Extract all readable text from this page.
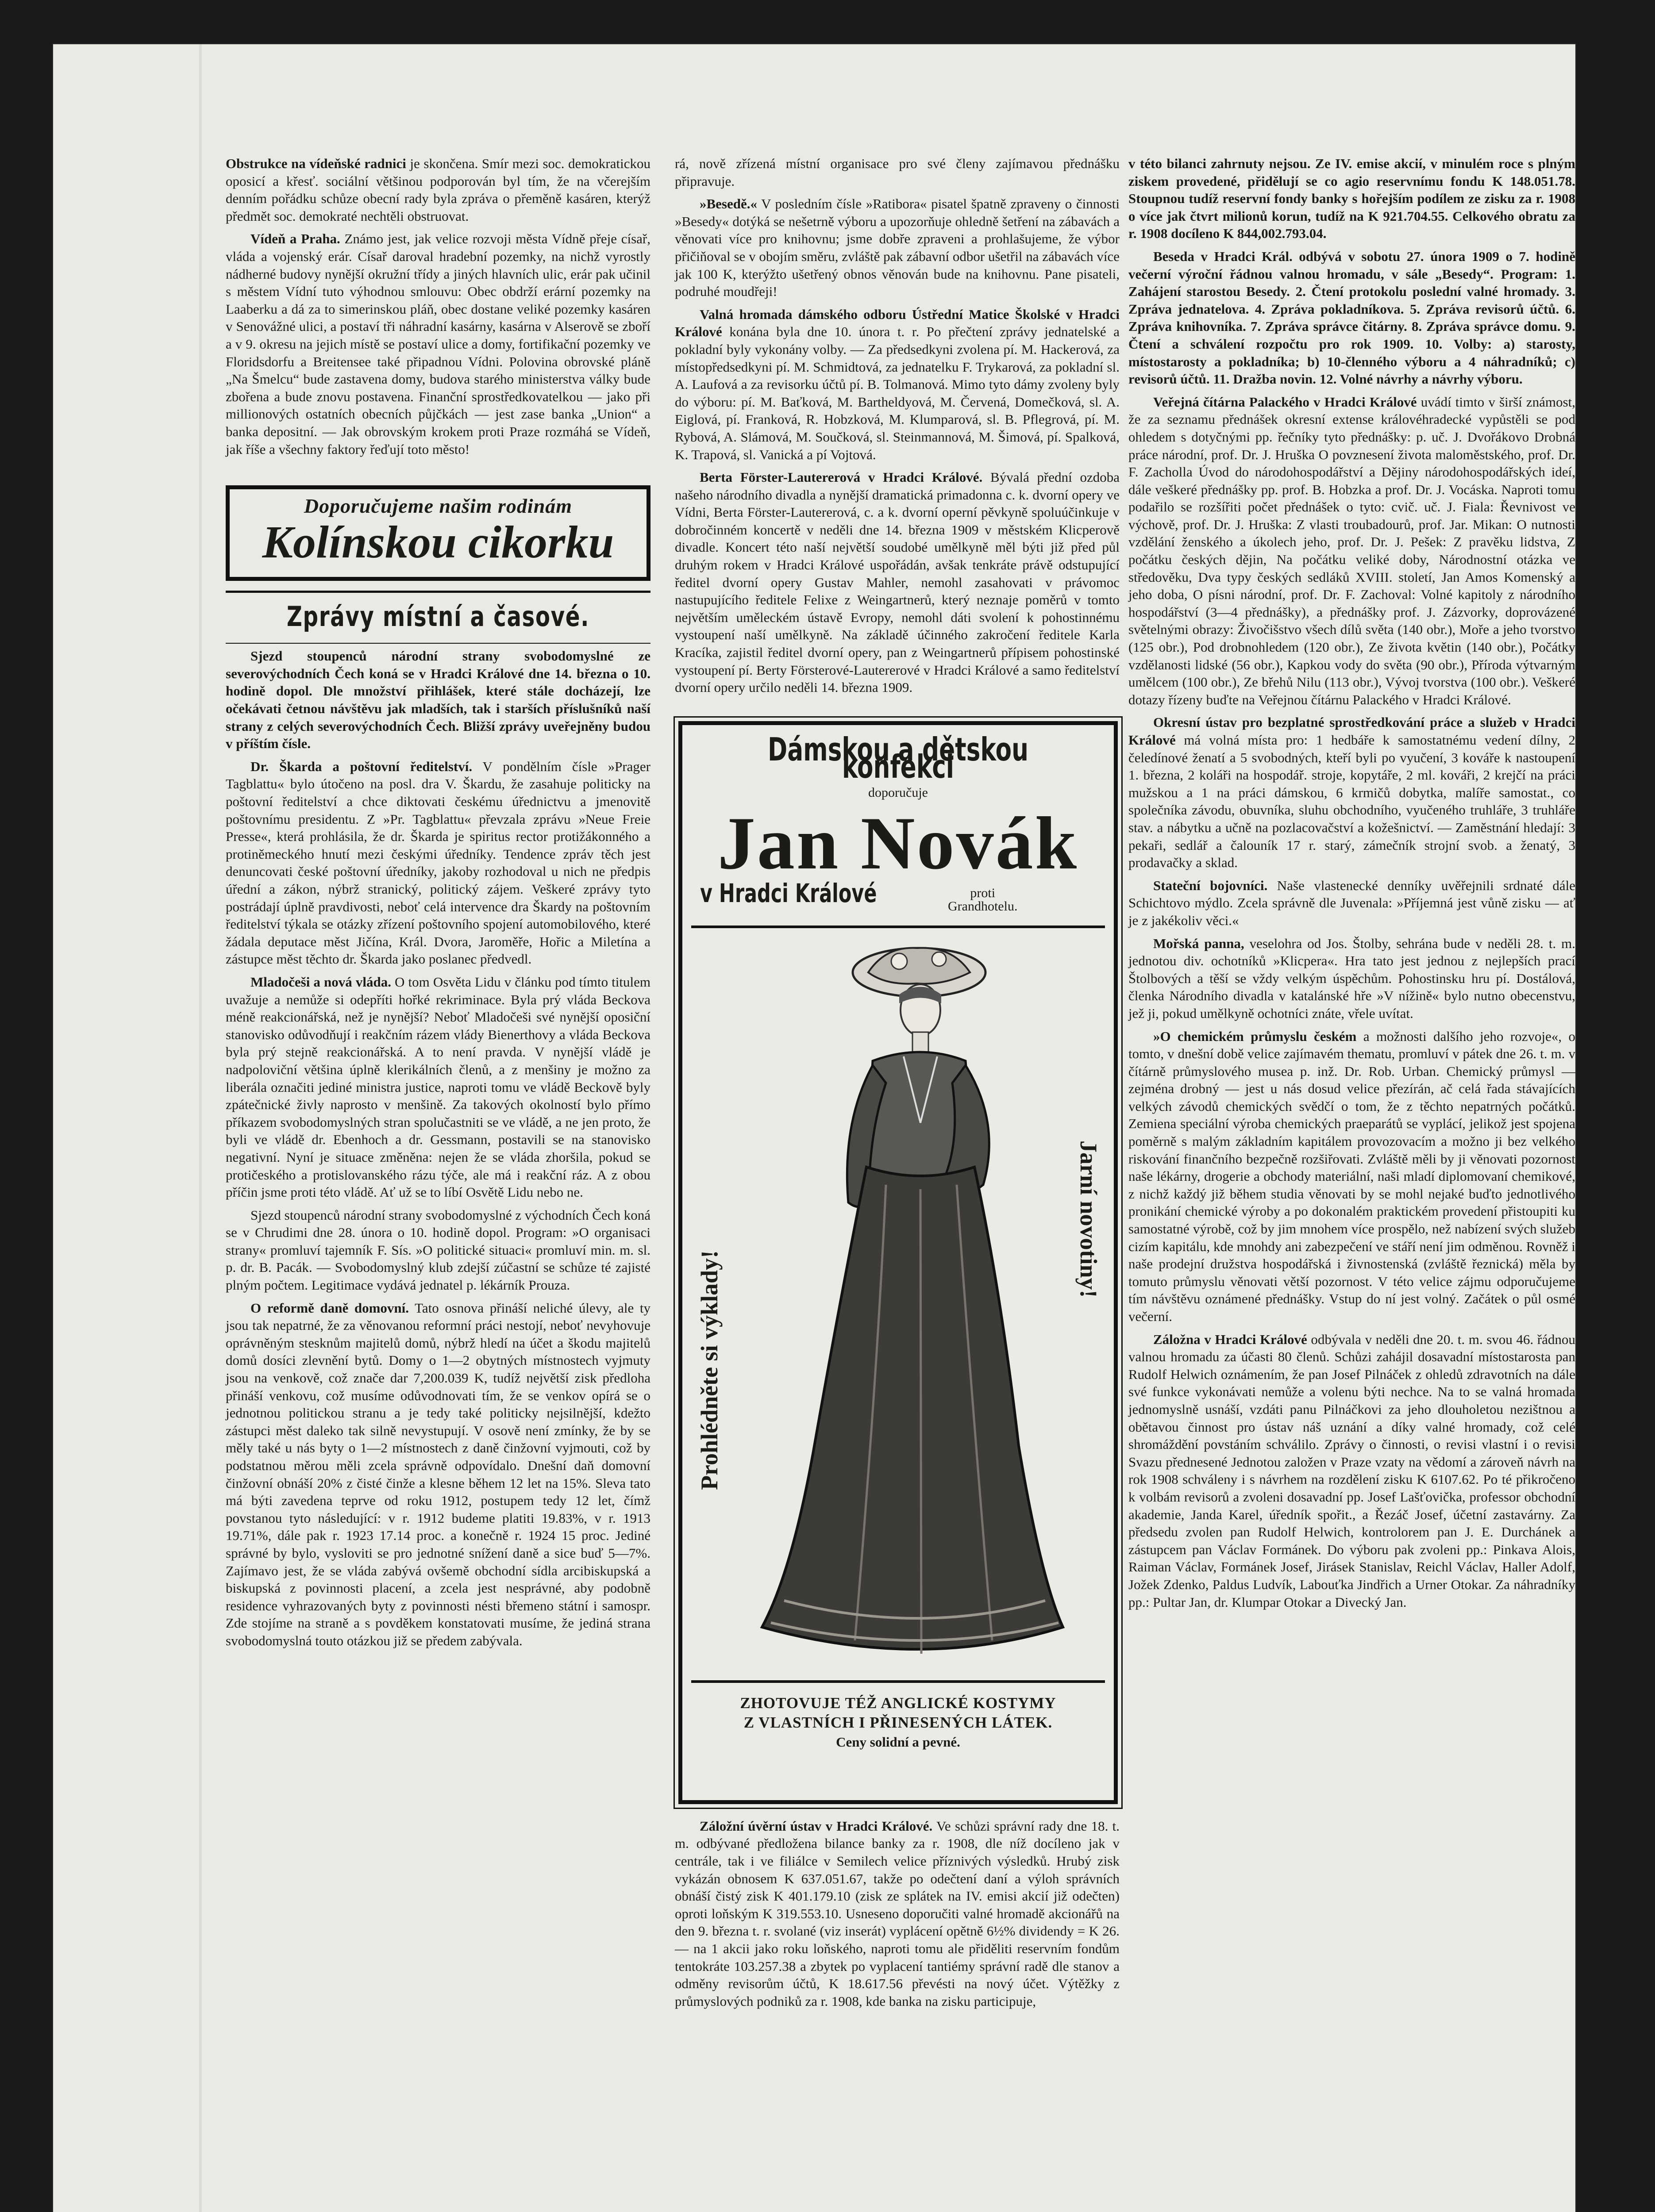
Obstrukce na vídeňské radnici je skončena. Smír mezi soc. demokratickou oposicí a křesť. sociální většinou podporován byl tím, že na včerejším denním pořádku schůze obecní rady byla zpráva o přeměně kasáren, kterýž předmět soc. demokraté nechtěli obstruovat.

Vídeň a Praha. Známo jest, jak velice rozvoji města Vídně přeje císař, vláda a vojenský erár. Císař daroval hradební pozemky, na nichž vyrostly nádherné budovy nynější okružní třídy a jiných hlavních ulic, erár pak učinil s městem Vídní tuto výhodnou smlouvu: Obec obdrží erární pozemky na Laaberku a dá za to simerinskou pláň, obec dostane veliké pozemky kasáren v Senovážné ulici, a postaví tři náhradní kasárny, kasárna v Alserově se zboří a v 9. okresu na jejich místě se postaví ulice a domy, fortifikační pozemky ve Floridsdorfu a Breitensee také připadnou Vídni. Polovina obrovské pláně „Na Šmelcu“ bude zastavena domy, budova starého ministerstva války bude zbořena a bude znovu postavena. Finanční sprostředkovatelkou — jako při millionových ostatních obecních půjčkách — jest zase banka „Union“ a banka depositní. — Jak obrovským krokem proti Praze rozmáhá se Vídeň, jak říše a všechny faktory řeďují toto město!

Doporučujeme našim rodinám
Kolínskou cikorku
Zprávy místní a časové.

Sjezd stoupenců národní strany svobodomyslné ze severovýchodních Čech koná se v Hradci Králové dne 14. března o 10. hodině dopol. Dle množství přihlášek, které stále docházejí, lze očekávati četnou návštěvu jak mladších, tak i starších příslušníků naší strany z celých severovýchodních Čech. Bližší zprávy uveřejněny budou v příštím čísle.

Dr. Škarda a poštovní ředitelství. V pondělním čísle »Prager Tagblattu« bylo útočeno na posl. dra V. Škardu, že zasahuje politicky na poštovní ředitelství a chce diktovati českému úřednictvu a jmenovitě poštovnímu presidentu. Z »Pr. Tagblattu« převzala zprávu »Neue Freie Presse«, která prohlásila, že dr. Škarda je spiritus rector protižákonného a protiněmeckého hnutí mezi českými úředníky. Tendence zpráv těch jest denuncovati české poštovní úředníky, jakoby rozhodoval u nich ne předpis úřední a zákon, nýbrž stranický, politický zájem. Veškeré zprávy tyto postrádají úplně pravdivosti, neboť celá intervence dra Škardy na poštovním ředitelství týkala se otázky zřízení poštovního spojení automobilového, které žádala deputace měst Jičína, Král. Dvora, Jaroměře, Hořic a Miletína a zástupce měst těchto dr. Škarda jako poslanec předvedl.

Mladočeši a nová vláda. O tom Osvěta Lidu v článku pod tímto titulem uvažuje a nemůže si odepříti hořké rekriminace. Byla prý vláda Beckova méně reakcionářská, než je nynější? Neboť Mladočeši své nynější oposiční stanovisko odůvodňují i reakčním rázem vlády Bienerthovy a vláda Beckova byla prý stejně reakcionářská. A to není pravda. V nynější vládě je nadpoloviční většina úplně klerikálních členů, a z menšiny je možno za liberála označiti jediné ministra justice, naproti tomu ve vládě Beckově byly zpátečnické živly naprosto v menšině. Za takových okolností bylo přímo příkazem svobodomyslných stran spolučastniti se ve vládě, a ne jen proto, že byli ve vládě dr. Ebenhoch a dr. Gessmann, postavili se na stanovisko negativní. Nyní je situace změněna: nejen že se vláda zhoršila, pokud se protičeského a protislovanského rázu týče, ale má i reakční ráz. A z obou příčin jsme proti této vládě. Ať už se to líbí Osvětě Lidu nebo ne.

Sjezd stoupenců národní strany svobodomyslné z východních Čech koná se v Chrudimi dne 28. února o 10. hodině dopol. Program: »O organisaci strany« promluví tajemník F. Sís. »O politické situaci« promluví min. m. sl. p. dr. B. Pacák. — Svobodomyslný klub zdejší zúčastní se schůze té zajisté plným počtem. Legitimace vydává jednatel p. lékárník Prouza.

O reformě daně domovní. Tato osnova přináší neliché úlevy, ale ty jsou tak nepatrné, že za věnovanou reformní práci nestojí, neboť nevyhovuje oprávněným stesknům majitelů domů, nýbrž hledí na účet a škodu majitelů domů dosíci zlevnění bytů. Domy o 1—2 obytných místnostech vyjmuty jsou na venkově, což znače dar 7,200.039 K, tudíž největší zisk předloha přináší venkovu, což musíme odůvodnovati tím, že se venkov opírá se o jednotnou politickou stranu a je tedy také politicky nejsilnější, kdežto zástupci měst daleko tak silně nevystupují. V osově není zmínky, že by se měly také u nás byty o 1—2 místnostech z daně činžovní vyjmouti, což by podstatnou měrou měli zcela správně odpovídalo. Dnešní daň domovní činžovní obnáší 20% z čisté činže a klesne během 12 let na 15%. Sleva tato má býti zavedena teprve od roku 1912, postupem tedy 12 let, čímž povstanou tyto následující: v r. 1912 budeme platiti 19.83%, v r. 1913 19.71%, dále pak r. 1923 17.14 proc. a konečně r. 1924 15 proc. Jediné správné by bylo, vysloviti se pro jednotné snížení daně a sice buď 5—7%. Zajímavo jest, že se vláda zabývá ovšemě obchodní sídla arcibiskupská a biskupská z povinnosti placení, a zcela jest nesprávné, aby podobně residence vyhrazovaných byty z povinnosti nésti břemeno státní i samospr. Zde stojíme na straně a s povděkem konstatovati musíme, že jediná strana svobodomyslná touto otázkou již se předem zabývala.

rá, nově zřízená místní organisace pro své členy zajímavou přednášku připravuje.

»Besedě.« V posledním čísle »Ratibora« pisatel špatně zpraveny o činnosti »Besedy« dotýká se nešetrně výboru a upozorňuje ohledně šetření na zábavách a věnovati více pro knihovnu; jsme dobře zpraveni a prohlašujeme, že výbor přičiňoval se v obojím směru, zvláště pak zábavní odbor ušetřil na zábavách více jak 100 K, kterýžto ušetřený obnos věnován bude na knihovnu. Pane pisateli, podruhé moudřeji!

Valná hromada dámského odboru Ústřední Matice Školské v Hradci Králové konána byla dne 10. února t. r. Po přečtení zprávy jednatelské a pokladní byly vykonány volby. — Za předsedkyni zvolena pí. M. Hackerová, za místopředsedkyni pí. M. Schmidtová, za jednatelku F. Trykarová, za pokladní sl. A. Laufová a za revisorku účtů pí. B. Tolmanová. Mimo tyto dámy zvoleny byly do výboru: pí. M. Baťková, M. Bartheldyová, M. Červená, Domečková, sl. A. Eiglová, pí. Franková, R. Hobzková, M. Klumparová, sl. B. Pflegrová, pí. M. Rybová, A. Slámová, M. Součková, sl. Steinmannová, M. Šimová, pí. Spalková, K. Trapová, sl. Vanická a pí Vojtová.

Berta Förster-Lautererová v Hradci Králové. Bývalá přední ozdoba našeho národního divadla a nynější dramatická primadonna c. k. dvorní opery ve Vídni, Berta Förster-Lautererová, c. a k. dvorní operní pěvkyně spoluúčinkuje v dobročinném koncertě v neděli dne 14. března 1909 v městském Klicperově divadle. Koncert této naší největší soudobé umělkyně měl býti již před půl druhým rokem v Hradci Králové uspořádán, avšak tenkráte právě odstupující ředitel dvorní opery Gustav Mahler, nemohl zasahovati v právomoc nastupujícího ředitele Felixe z Weingartnerů, který neznaje poměrů v tomto největším uměleckém ústavě Evropy, nemohl dáti svolení k pohostinnému vystoupení naší umělkyně. Na základě účinného zakročení ředitele Karla Kracíka, zajistil ředitel dvorní opery, pan z Weingartnerů přípisem pohostinské vystoupení pí. Berty Försterové-Lautererové v Hradci Králové a samo ředitelství dvorní opery určilo neděli 14. března 1909.

Dámskou a dětskou konfekci
doporučuje
Jan Novák
v Hradci Králové	proti
Grandhotelu.
Prohlédněte si výklady!
Jarní novotiny!
ZHOTOVUJE TÉŽ ANGLICKÉ KOSTYMY
Z VLASTNÍCH I PŘINESENÝCH LÁTEK.
Ceny solidní a pevné.

Záložní úvěrní ústav v Hradci Králové. Ve schůzi správní rady dne 18. t. m. odbývané předložena bilance banky za r. 1908, dle níž docíleno jak v centrále, tak i ve filiálce v Semilech velice příznivých výsledků. Hrubý zisk vykázán obnosem K 637.051.67, takže po odečtení daní a výloh správních obnáší čistý zisk K 401.179.10 (zisk ze splátek na IV. emisi akcií již odečten) oproti loňským K 319.553.10. Usneseno doporučiti valné hromadě akcionářů na den 9. března t. r. svolané (viz inserát) vyplácení opětně 6½% dividendy = K 26.— na 1 akcii jako roku loňského, naproti tomu ale přiděliti reservním fondům tentokráte 103.257.38 a zbytek po vyplacení tantiémy správní radě dle stanov a odměny revisorům účtů, K 18.617.56 převésti na nový účet. Výtěžky z průmyslových podniků za r. 1908, kde banka na zisku participuje,

v této bilanci zahrnuty nejsou. Ze IV. emise akcií, v minulém roce s plným ziskem provedené, přidělují se co agio reservnímu fondu K 148.051.78. Stoupnou tudíž reservní fondy banky s hořejším podílem ze zisku za r. 1908 o více jak čtvrt milionů korun, tudíž na K 921.704.55. Celkového obratu za r. 1908 docíleno K 844,002.793.04.

Beseda v Hradci Král. odbývá v sobotu 27. února 1909 o 7. hodině večerní výroční řádnou valnou hromadu, v sále „Besedy“. Program: 1. Zahájení starostou Besedy. 2. Čtení protokolu poslední valné hromady. 3. Zpráva jednatelova. 4. Zpráva pokladníkova. 5. Zpráva revisorů účtů. 6. Zpráva knihovníka. 7. Zpráva správce čitárny. 8. Zpráva správce domu. 9. Čtení a schválení rozpočtu pro rok 1909. 10. Volby: a) starosty, místostarosty a pokladníka; b) 10-členného výboru a 4 náhradníků; c) revisorů účtů. 11. Dražba novin. 12. Volné návrhy a návrhy výboru.

Veřejná čítárna Palackého v Hradci Králové uvádí timto v širší známost, že za seznamu přednášek okresní extense královéhradecké vypůstěli se pod ohledem s dotyčnými pp. řečníky tyto přednášky: p. uč. J. Dvořákovo Drobná práce národní, prof. Dr. J. Hruška O povznesení života maloměstského, prof. Dr. F. Zacholla Úvod do národohospodářství a Dějiny národohospodářských ideí, dále veškeré přednášky pp. prof. B. Hobzka a prof. Dr. J. Vocáska. Naproti tomu podařilo se rozšířiti počet přednášek o tyto: cvič. uč. J. Fiala: Řevnivost ve výchově, prof. Dr. J. Hruška: Z vlasti troubadourů, prof. Jar. Mikan: O nutnosti vzdělání ženského a úkolech jeho, prof. Dr. J. Pešek: Z pravěku lidstva, Z počátku českých dějin, Na počátku veliké doby, Národnostní otázka ve středověku, Dva typy českých sedláků XVIII. století, Jan Amos Komenský a jeho doba, O písni národní, prof. Dr. F. Zachoval: Volné kapitoly z národního hospodářství (3—4 přednášky), a přednášky prof. J. Zázvorky, doprovázené světelnými obrazy: Živočišstvo všech dílů světa (140 obr.), Moře a jeho tvorstvo (125 obr.), Pod drobnohledem (120 obr.), Ze života květin (140 obr.), Počátky vzdělanosti lidské (56 obr.), Kapkou vody do světa (90 obr.), Příroda výtvarným umělcem (100 obr.), Ze břehů Nilu (113 obr.), Vývoj tvorstva (100 obr.). Veškeré dotazy řízeny buďte na Veřejnou čítárnu Palackého v Hradci Králové.

Okresní ústav pro bezplatné sprostředkování práce a služeb v Hradci Králové má volná místa pro: 1 hedbáře k samostatnému vedení dílny, 2 čeledínové ženatí a 5 svobodných, kteří byli po vyučení, 3 kováře k nastoupení 1. března, 2 koláři na hospodář. stroje, kopytáře, 2 ml. kováři, 2 krejčí na práci mužskou a 1 na práci dámskou, 6 krmičů dobytka, malíře samostat., co společníka závodu, obuvníka, sluhu obchodního, vyučeného truhláře, 3 truhláře stav. a nábytku a učně na pozlacovačství a kožešnictví. — Zaměstnání hledají: 3 pekaři, sedlář a čalouník 17 r. starý, zámečník strojní svob. a ženatý, 3 prodavačky a sklad.

Stateční bojovníci. Naše vlastenecké denníky uvěřejnili srdnaté dále Schichtovo mýdlo. Zcela správně dle Juvenala: »Příjemná jest vůně zisku — ať je z jakékoliv věci.«

Mořská panna, veselohra od Jos. Štolby, sehrána bude v neděli 28. t. m. jednotou div. ochotníků »Klicpera«. Hra tato jest jednou z nejlepších prací Štolbových a těší se vždy velkým úspěchům. Pohostinsku hru pí. Dostálová, členka Národního divadla v katalánské hře »V nížině« bylo nutno obecenstvu, jež ji, pokud umělkyně ochotníci znáte, vřele uvítat.

»O chemickém průmyslu českém a možnosti dalšího jeho rozvoje«, o tomto, v dnešní době velice zajímavém thematu, promluví v pátek dne 26. t. m. v čítárně průmyslového musea p. inž. Dr. Rob. Urban. Chemický průmysl — zejména drobný — jest u nás dosud velice přezírán, ač celá řada stávajících velkých závodů chemických svědčí o tom, že z těchto nepatrných počátků. Zemiena speciální výroba chemických praeparátů se vyplácí, jelikož jest spojena poměrně s malým základním kapitálem provozovacím a možno ji bez velkého riskování finančního bezpečně rozšiřovati. Zvláště měli by ji věnovati pozornost naše lékárny, drogerie a obchody materiální, naši mladí diplomovaní chemikové, z nichž každý již během studia věnovati by se mohl nejaké buďto jednotlivého pronikání chemické výroby a po dokonalém praktickém provedení přistoupiti ku samostatné výrobě, což by jim mnohem více prospělo, než nabízení svých služeb cizím kapitálu, kde mnohdy ani zabezpečení ve stáří není jim odměnou. Rovněž i naše prodejní družstva hospodářská i živnostenská (zvláště řeznická) měla by tomuto průmyslu věnovati větší pozornost. V této velice zájmu odporučujeme tím návštěvu oznámené přednášky. Vstup do ní jest volný. Začátek o půl osmé večerní.

Záložna v Hradci Králové odbývala v neděli dne 20. t. m. svou 46. řádnou valnou hromadu za účasti 80 členů. Schůzi zahájil dosavadní místostarosta pan Rudolf Helwich oznámením, že pan Josef Pilnáček z ohledů zdravotních na dále své funkce vykonávati nemůže a volenu býti nechce. Na to se valná hromada jednomyslně usnáší, vzdáti panu Pilnáčkovi za jeho dlouholetou nezištnou a obětavou činnost pro ústav náš uznání a díky valné hromady, což celé shromáždění povstáním schválilo. Zprávy o činnosti, o revisi vlastní i o revisi Svazu přednesené Jednotou založen v Praze vzaty na vědomí a zároveň návrh na rok 1908 schváleny i s návrhem na rozdělení zisku K 6107.62. Po té přikročeno k volbám revisorů a zvoleni dosavadní pp. Josef Lašťovička, professor obchodní akademie, Janda Karel, úředník spořit., a Řezáč Josef, účetní zastavárny. Za předsedu zvolen pan Rudolf Helwich, kontrolorem pan J. E. Durchánek a zástupcem pan Václav Formánek. Do výboru pak zvoleni pp.: Pinkava Alois, Raiman Václav, Formánek Josef, Jirásek Stanislav, Reichl Václav, Haller Adolf, Jožek Zdenko, Paldus Ludvík, Labouťka Jindřich a Urner Otokar. Za náhradníky pp.: Pultar Jan, dr. Klumpar Otokar a Divecký Jan.
